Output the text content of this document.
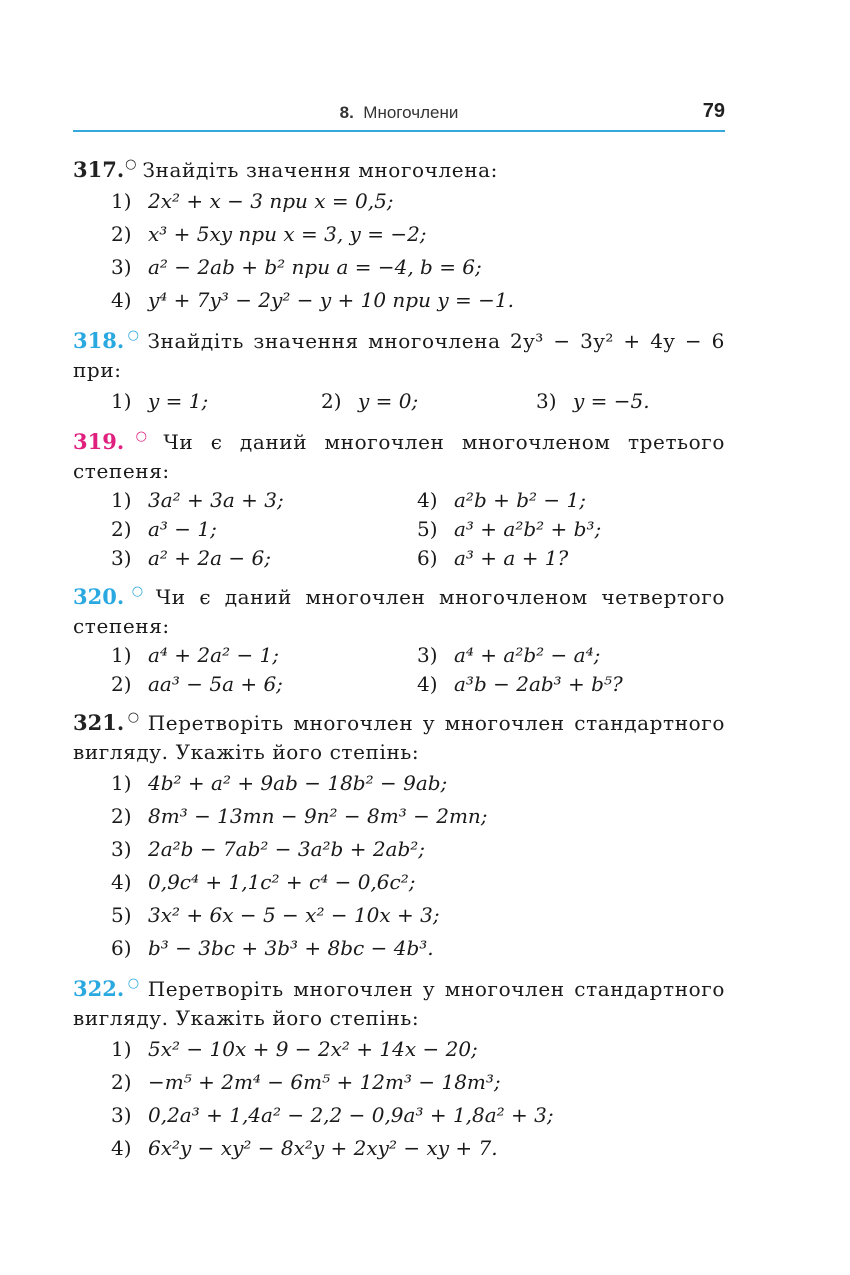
8. Многочлени	79
317.○ Знайдіть значення многочлена:
1) 2x² + x − 3 при x = 0,5;
2) x³ + 5xy при x = 3, y = −2;
3) a² − 2ab + b² при a = −4, b = 6;
4) y⁴ + 7y³ − 2y² − y + 10 при y = −1.
318.○ Знайдіть значення многочлена 2y³ − 3y² + 4y − 6 при:
1) y = 1;	2) y = 0;	3) y = −5.
319.○ Чи є даний многочлен многочленом третього степеня:
1) 3a² + 3a + 3;	4) a²b + b² − 1;
2) a³ − 1;	5) a³ + a²b² + b³;
3) a² + 2a − 6;	6) a³ + a + 1?
320.○ Чи є даний многочлен многочленом четвертого степеня:
1) a⁴ + 2a² − 1;	3) a⁴ + a²b² − a⁴;
2) aa³ − 5a + 6;	4) a³b − 2ab³ + b⁵?
321.○ Перетворіть многочлен у многочлен стандартного вигляду. Укажіть його степінь:
1) 4b² + a² + 9ab − 18b² − 9ab;
2) 8m³ − 13mn − 9n² − 8m³ − 2mn;
3) 2a²b − 7ab² − 3a²b + 2ab²;
4) 0,9c⁴ + 1,1c² + c⁴ − 0,6c²;
5) 3x² + 6x − 5 − x² − 10x + 3;
6) b³ − 3bc + 3b³ + 8bc − 4b³.
322.○ Перетворіть многочлен у многочлен стандартного вигляду. Укажіть його степінь:
1) 5x² − 10x + 9 − 2x² + 14x − 20;
2) −m⁵ + 2m⁴ − 6m⁵ + 12m³ − 18m³;
3) 0,2a³ + 1,4a² − 2,2 − 0,9a³ + 1,8a² + 3;
4) 6x²y − xy² − 8x²y + 2xy² − xy + 7.
